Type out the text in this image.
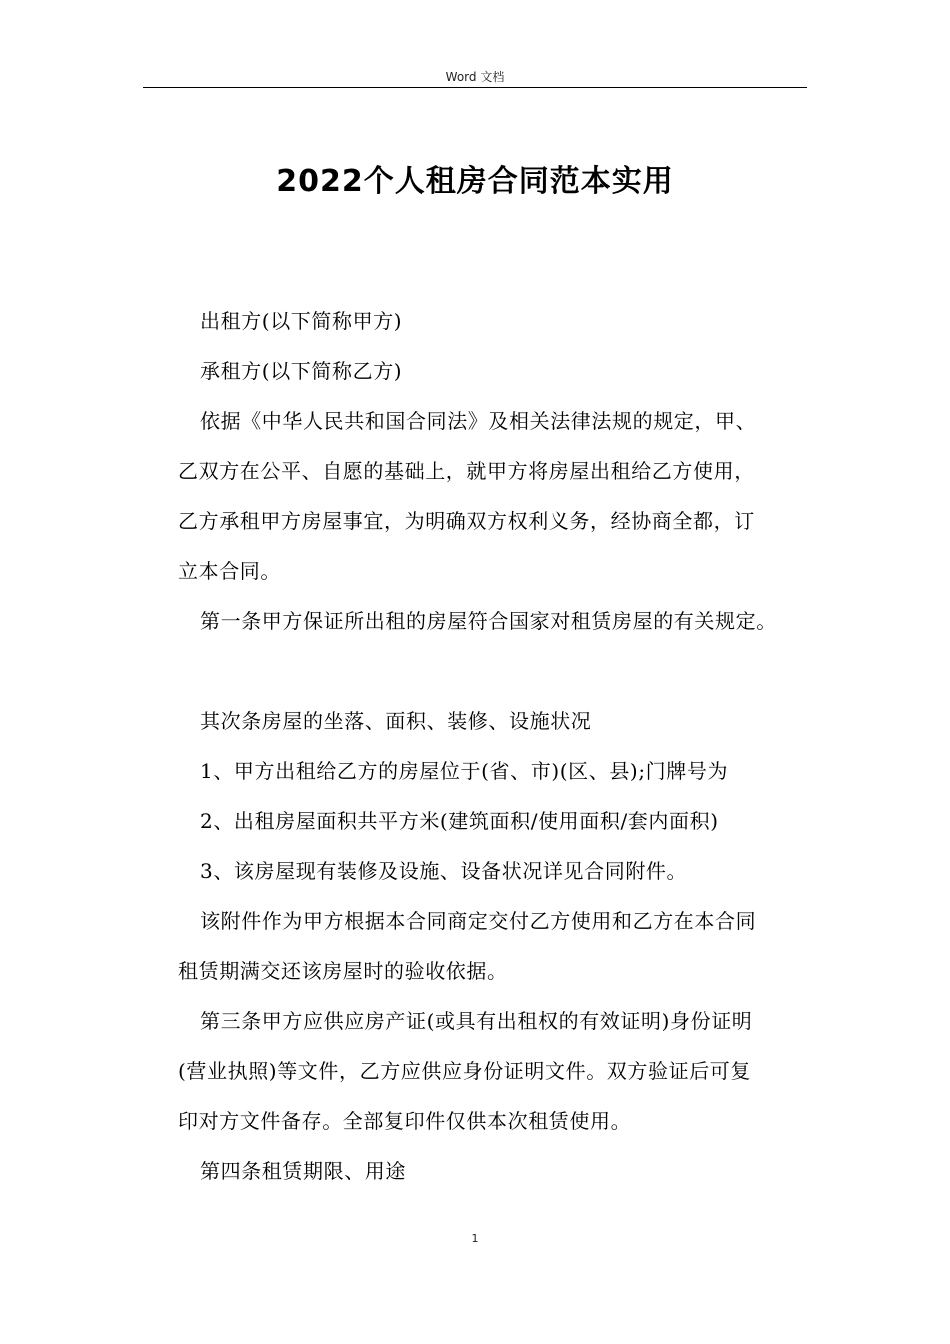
Word 文档
2022个人租房合同范本实用

出租方(以下简称甲方)

承租方(以下简称乙方)

依据《中华人民共和国合同法》及相关法律法规的规定，甲、

乙双方在公平、自愿的基础上，就甲方将房屋出租给乙方使用，

乙方承租甲方房屋事宜，为明确双方权利义务，经协商全都，订

立本合同。

第一条甲方保证所出租的房屋符合国家对租赁房屋的有关规定。

其次条房屋的坐落、面积、装修、设施状况

1、甲方出租给乙方的房屋位于(省、市)(区、县);门牌号为

2、出租房屋面积共平方米(建筑面积/使用面积/套内面积)

3、该房屋现有装修及设施、设备状况详见合同附件。

该附件作为甲方根据本合同商定交付乙方使用和乙方在本合同

租赁期满交还该房屋时的验收依据。

第三条甲方应供应房产证(或具有出租权的有效证明)身份证明

(营业执照)等文件，乙方应供应身份证明文件。双方验证后可复

印对方文件备存。全部复印件仅供本次租赁使用。

第四条租赁期限、用途

1
